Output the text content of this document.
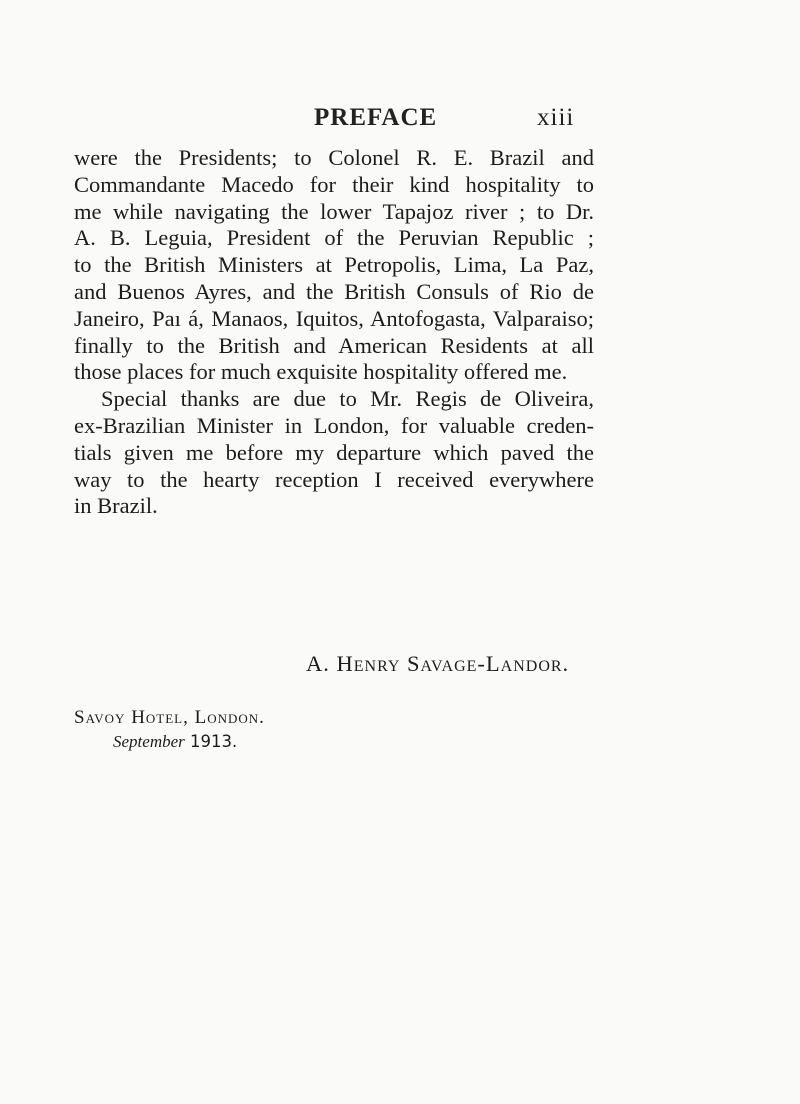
PREFACE	xiii
were the Presidents; to Colonel R. E. Brazil and
Commandante Macedo for their kind hospitality to
me while navigating the lower Tapajoz river ; to Dr.
A. B. Leguia, President of the Peruvian Republic ;
to the British Ministers at Petropolis, Lima, La Paz,
and Buenos Ayres, and the British Consuls of Rio de
Janeiro, Paı á, Manaos, Iquitos, Antofogasta, Valparaiso;
finally to the British and American Residents at all
those places for much exquisite hospitality offered me.
Special thanks are due to Mr. Regis de Oliveira,
ex-Brazilian Minister in London, for valuable creden-
tials given me before my departure which paved the
way to the hearty reception I received everywhere
in Brazil.
A. Henry Savage-Landor.
Savoy Hotel, London.
September 1913.
